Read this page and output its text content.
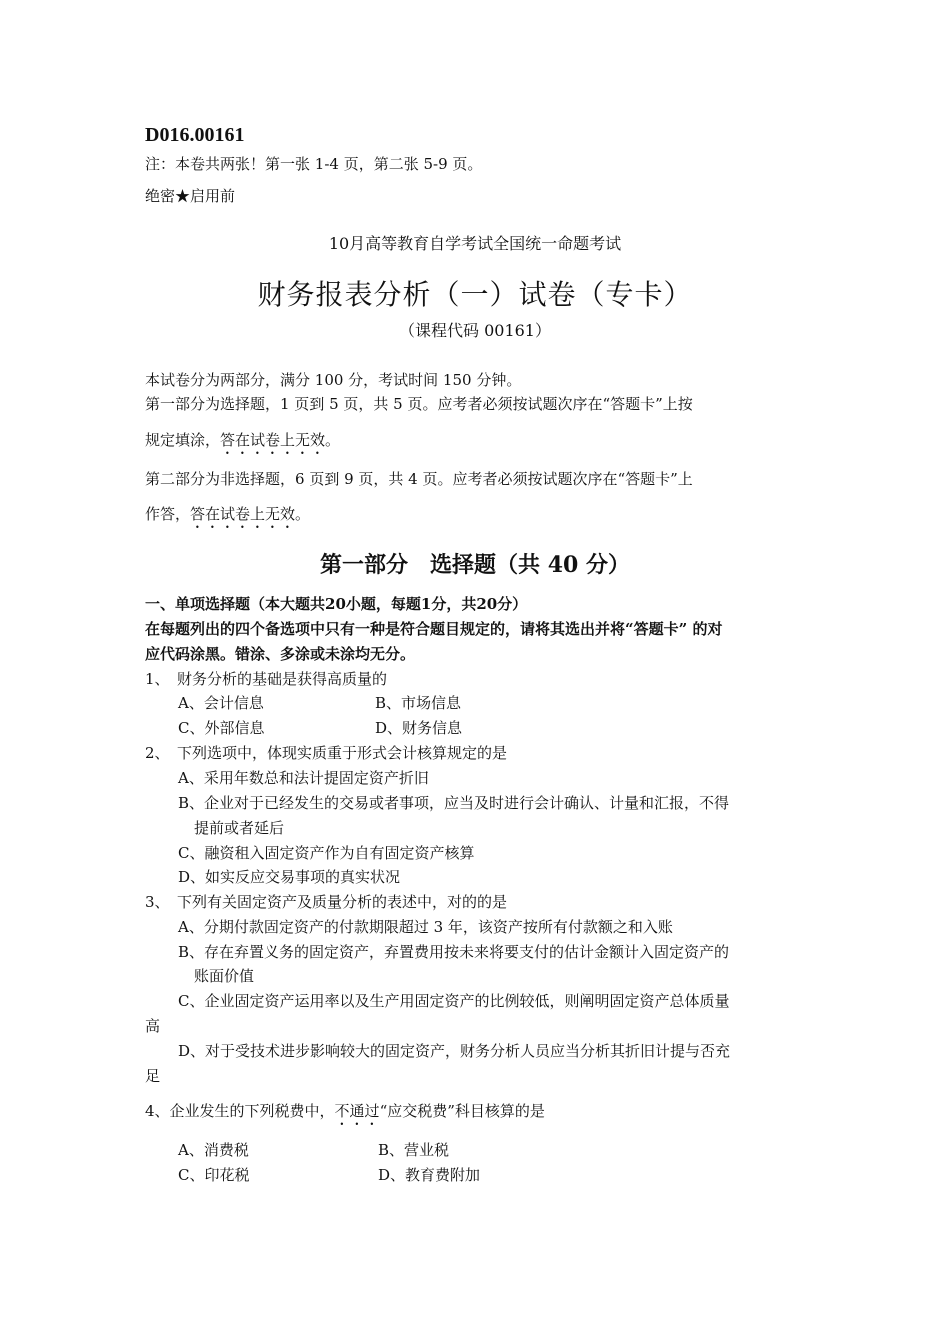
D016.00161
注：本卷共两张！第一张 1-4 页，第二张 5-9 页。
绝密★启用前
10月高等教育自学考试全国统一命题考试
财务报表分析（一）试卷（专卡）
（课程代码 00161）
本试卷分为两部分，满分 100 分，考试时间 150 分钟。
第一部分为选择题，1 页到 5 页，共 5 页。应考者必须按试题次序在“答题卡”上按
规定填涂，答在试卷上无效。
第二部分为非选择题，6 页到 9 页，共 4 页。应考者必须按试题次序在“答题卡”上
作答，答在试卷上无效。
第一部分　选择题（共 40 分）
一、单项选择题（本大题共20小题，每题1分，共20分）
在每题列出的四个备选项中只有一种是符合题目规定的，请将其选出并将“答题卡” 的对
应代码涂黑。错涂、多涂或未涂均无分。
1、　财务分析的基础是获得高质量的
A、会计信息	B、市场信息
C、外部信息	D、财务信息
2、　下列选项中，体现实质重于形式会计核算规定的是
A、采用年数总和法计提固定资产折旧
B、企业对于已经发生的交易或者事项，应当及时进行会计确认、计量和汇报，不得
提前或者延后
C、融资租入固定资产作为自有固定资产核算
D、如实反应交易事项的真实状况
3、　下列有关固定资产及质量分析的表述中，对的的是
A、分期付款固定资产的付款期限超过 3 年，该资产按所有付款额之和入账
B、存在弃置义务的固定资产，弃置费用按未来将要支付的估计金额计入固定资产的
账面价值
C、企业固定资产运用率以及生产用固定资产的比例较低，则阐明固定资产总体质量
高
D、对于受技术进步影响较大的固定资产，财务分析人员应当分析其折旧计提与否充
足
4、企业发生的下列税费中，不通过“应交税费”科目核算的是
A、消费税	B、营业税
C、印花税	D、教育费附加
